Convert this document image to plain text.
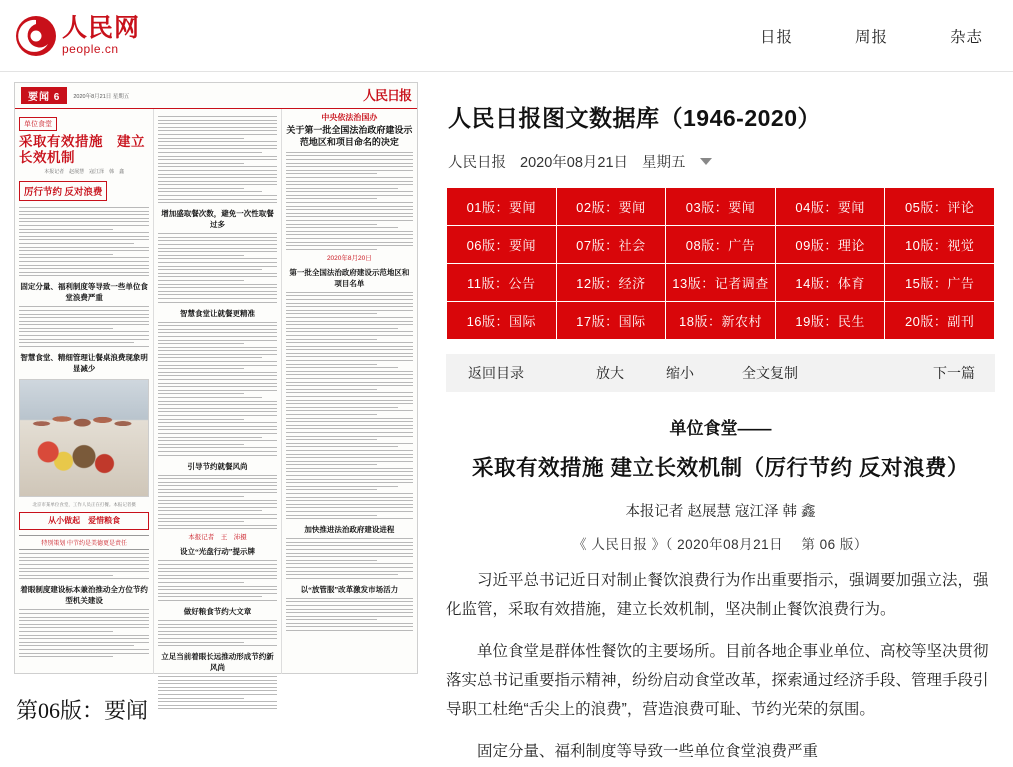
人民网
people.cn
日报	周报	杂志
要闻 6	2020年8月21日 星期五	人民日报
单位食堂
采取有效措施　建立长效机制
本报记者　赵展慧　寇江泽　韩　鑫
厉行节约 反对浪费
固定分量、福利制度等导致一些单位食堂浪费严重
智慧食堂、精细管理让餐桌浪费现象明显减少
北京市某单位食堂，工作人员正在打餐。本报记者摄
从小做起　爱惜粮食
特别策划 中节约是美德更是责任
着眼制度建设标本兼治推动全方位节约型机关建设
增加盛取餐次数，避免一次性取餐过多
智慧食堂让就餐更精准
引导节约就餐风尚
本报记者　王　沛摄
设立“光盘行动”提示牌
做好粮食节约大文章
立足当前着眼长远推动形成节约新风尚
中央依法治国办
关于第一批全国法治政府建设示范地区和项目命名的决定
2020年8月20日
第一批全国法治政府建设示范地区和项目名单
加快推进法治政府建设进程
以“放管服”改革激发市场活力
第06版：要闻
人民日报图文数据库（1946-2020）
人民日报 2020年08月21日 星期五
01版：要闻	02版：要闻	03版：要闻	04版：要闻	05版：评论
06版：要闻	07版：社会	08版：广告	09版：理论	10版：视觉
11版：公告	12版：经济	13版：记者调查	14版：体育	15版：广告
16版：国际	17版：国际	18版：新农村	19版：民生	20版：副刊
返回目录	放大	缩小	全文复制	下一篇
单位食堂——
采取有效措施 建立长效机制（厉行节约 反对浪费）
本报记者 赵展慧 寇江泽 韩 鑫
《 人民日报 》（ 2020年08月21日　 第 06 版）

习近平总书记近日对制止餐饮浪费行为作出重要指示，强调要加强立法，强化监管，采取有效措施，建立长效机制，坚决制止餐饮浪费行为。

单位食堂是群体性餐饮的主要场所。目前各地企事业单位、高校等坚决贯彻落实总书记重要指示精神，纷纷启动食堂改革，探索通过经济手段、管理手段引导职工杜绝“舌尖上的浪费”，营造浪费可耻、节约光荣的氛围。

固定分量、福利制度等导致一些单位食堂浪费严重
